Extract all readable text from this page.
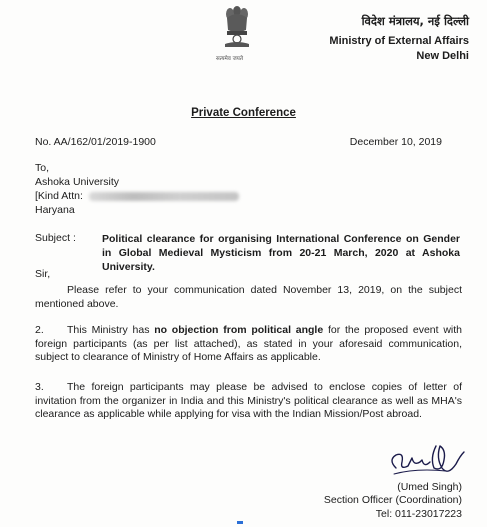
सत्यमेव जयते
विदेश मंत्रालय, नई दिल्ली
Ministry of External Affairs
New Delhi
Private Conference
No. AA/162/01/2019-1900	December 10, 2019
To,
Ashoka University
[Kind Attn:
Haryana
Subject : Political clearance for organising International Conference on Gender in Global Medieval Mysticism from 20-21 March, 2020 at Ashoka University.
Sir,
Please refer to your communication dated November 13, 2019, on the subject mentioned above.
2. This Ministry has no objection from political angle for the proposed event with foreign participants (as per list attached), as stated in your aforesaid communication, subject to clearance of Ministry of Home Affairs as applicable.
3. The foreign participants may please be advised to enclose copies of letter of invitation from the organizer in India and this Ministry's political clearance as well as MHA's clearance as applicable while applying for visa with the Indian Mission/Post abroad.
(Umed Singh)
Section Officer (Coordination)
Tel: 011-23017223
